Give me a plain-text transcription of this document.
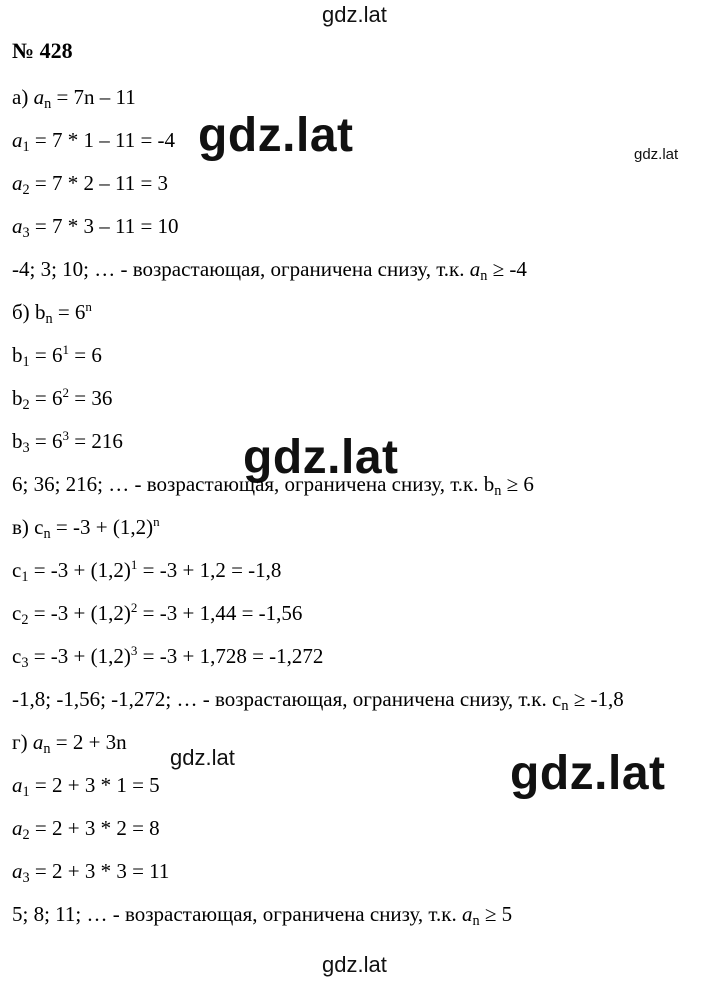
gdz.lat
gdz.lat	gdz.lat
gdz.lat
gdz.lat	gdz.lat
gdz.lat
№ 428
а) $a_n = 7n - 11$
$a_1 = 7 * 1 - 11 = -4$
$a_2 = 7 * 2 - 11 = 3$
$a_3 = 7 * 3 - 11 = 10$
-4; 3; 10; … - возрастающая, ограничена снизу, т.к. $a_n \ge -4$
б) $b_n = 6^n$
$b_1 = 6^1 = 6$
$b_2 = 6^2 = 36$
$b_3 = 6^3 = 216$
6; 36; 216; … - возрастающая, ограничена снизу, т.к. $b_n \ge 6$
в) $c_n = -3 + (1,2)^n$
$c_1 = -3 + (1,2)^1 = -3 + 1,2 = -1,8$
$c_2 = -3 + (1,2)^2 = -3 + 1,44 = -1,56$
$c_3 = -3 + (1,2)^3 = -3 + 1,728 = -1,272$
-1,8; -1,56; -1,272; … - возрастающая, ограничена снизу, т.к. $c_n \ge -1,8$
г) $a_n = 2 + 3n$
$a_1 = 2 + 3 * 1 = 5$
$a_2 = 2 + 3 * 2 = 8$
$a_3 = 2 + 3 * 3 = 11$
5; 8; 11; … - возрастающая, ограничена снизу, т.к. $a_n \ge 5$
